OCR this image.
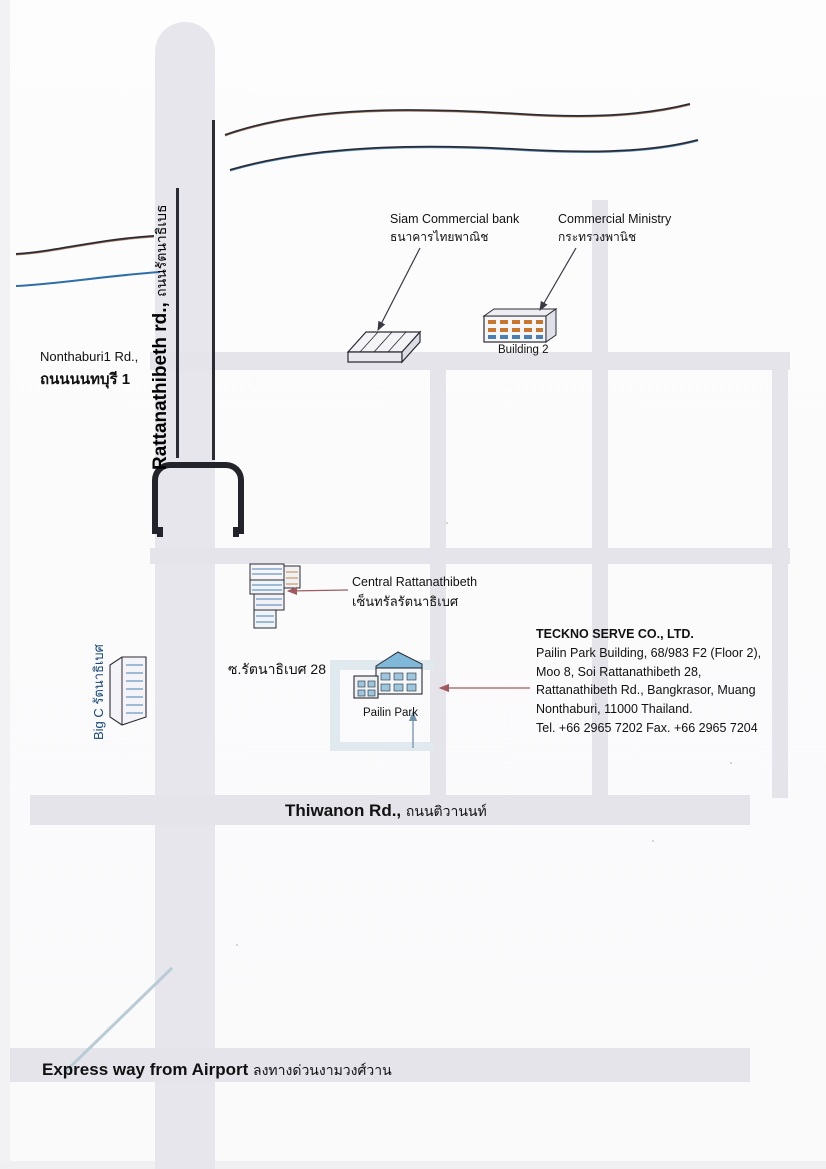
Nonthaburi1 Rd.,
ถนนนนทบุรี 1	Rattanathibeth rd., ถนนรัตนาธิเบธ
ซ.รัตนาธิเบศ 28
Thiwanon Rd., ถนนติวานนท์
Express way from Airport ลงทางด่วนงามวงศ์วาน
Big C รัตนาธิเบศ
Siam Commercial bank
ธนาคารไทยพาณิช
Commercial Ministry
กระทรวงพานิช
Central Rattanathibeth
เซ็นทรัลรัตนาธิเบศ
Building 2
Pailin Park
TECKNO SERVE CO., LTD.
Pailin Park Building, 68/983 F2 (Floor 2),
Moo 8, Soi Rattanathibeth 28,
Rattanathibeth Rd., Bangkrasor, Muang
Nonthaburi, 11000 Thailand.
Tel. +66 2965 7202 Fax. +66 2965 7204
